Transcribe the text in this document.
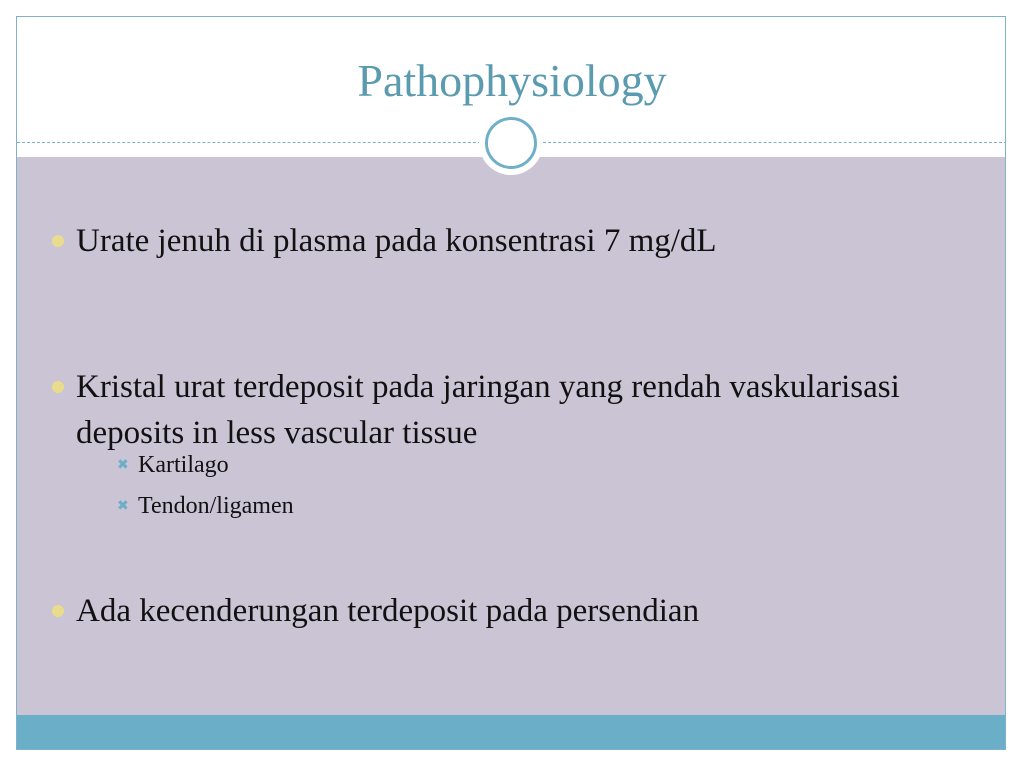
Pathophysiology
Urate jenuh di plasma pada konsentrasi 7 mg/dL
Kristal urat terdeposit pada jaringan yang rendah vaskularisasi deposits in less vascular tissue
✖ Kartilago
✖ Tendon/ligamen
Ada kecenderungan terdeposit pada persendian
